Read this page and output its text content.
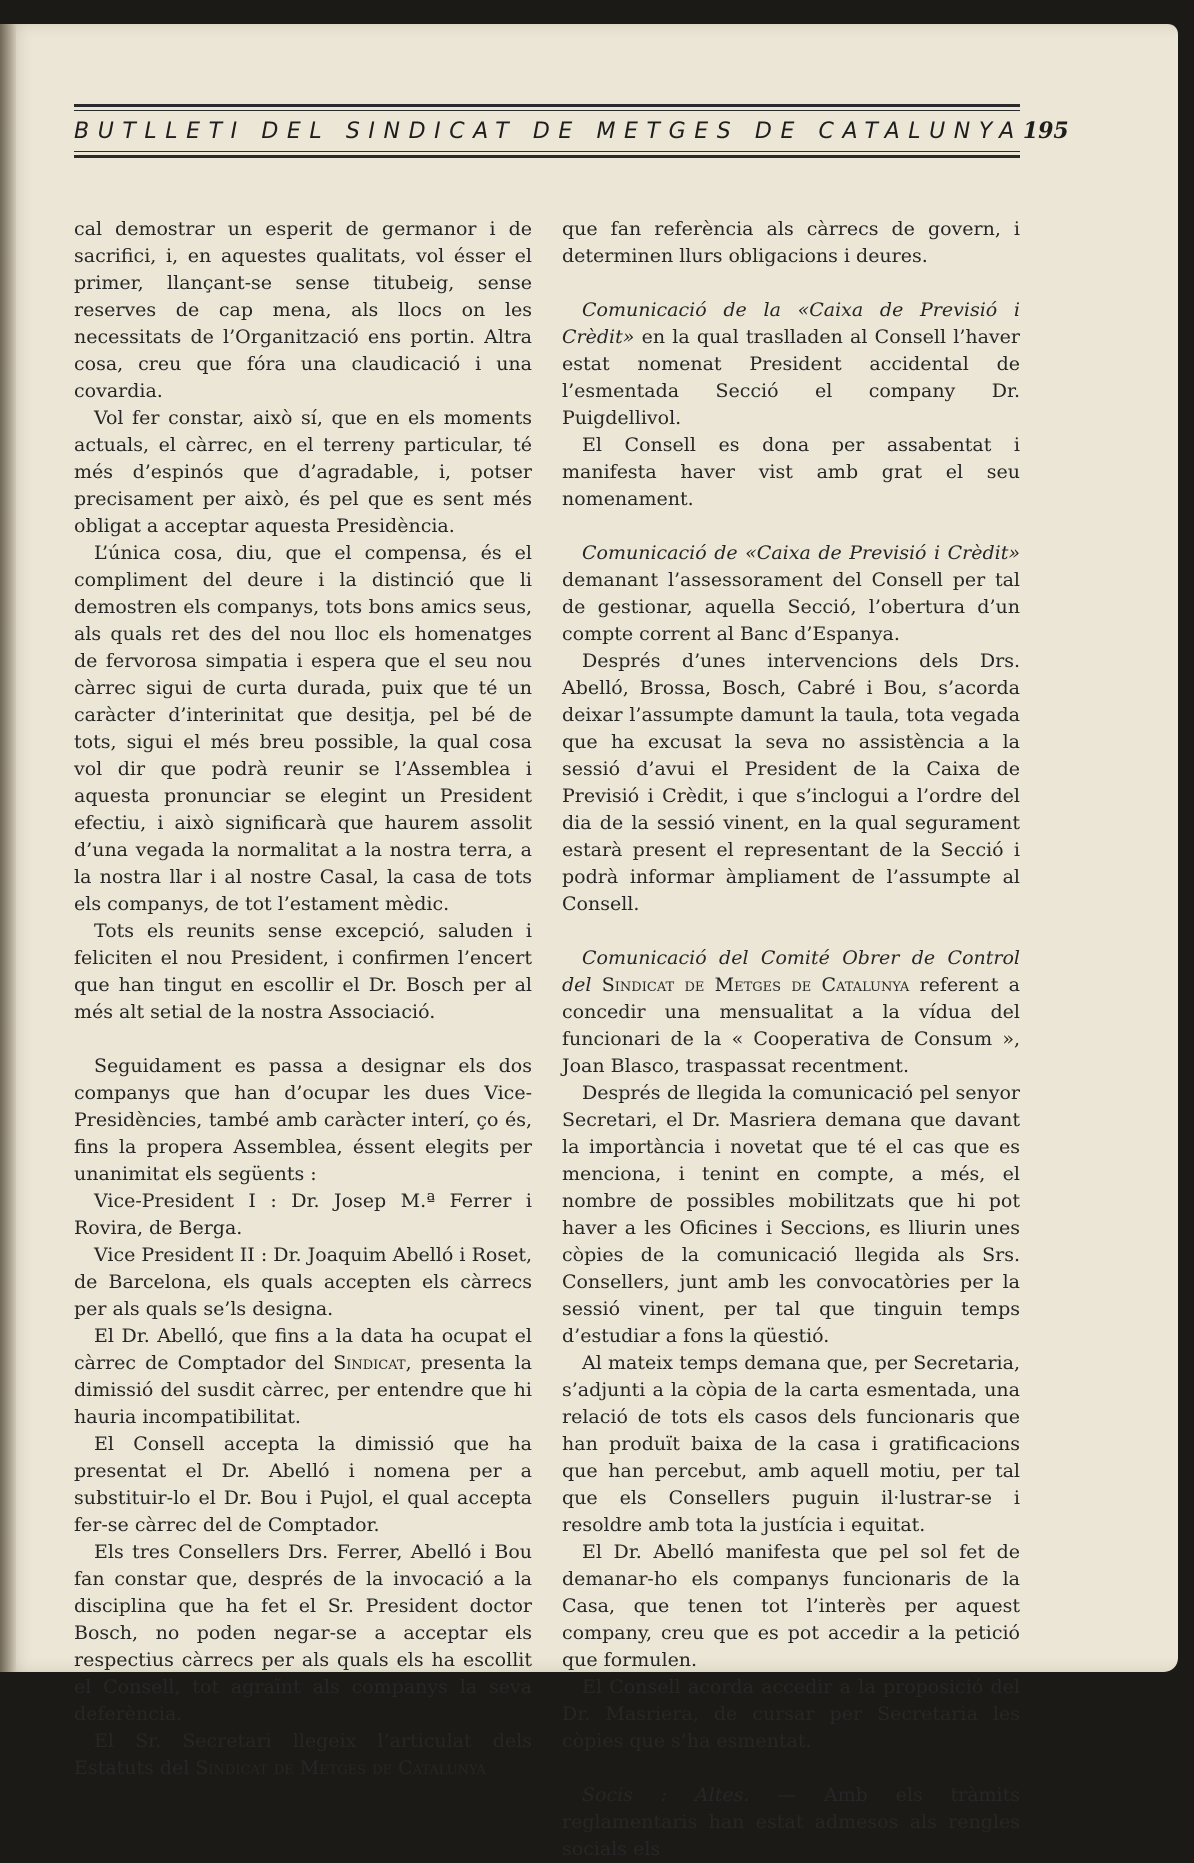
BUTLLETI DEL SINDICAT DE METGES DE CATALUNYA 195

cal demostrar un esperit de germanor i de sacrifici, i, en aquestes qualitats, vol ésser el primer, llançant-se sense titubeig, sense reserves de cap mena, als llocs on les necessitats de l’Organització ens portin. Altra cosa, creu que fóra una claudicació i una covardia.

Vol fer constar, això sí, que en els moments actuals, el càrrec, en el terreny particular, té més d’espinós que d’agradable, i, potser precisament per això, és pel que es sent més obligat a acceptar aquesta Presidència.

L’única cosa, diu, que el compensa, és el compliment del deure i la distinció que li demostren els companys, tots bons amics seus, als quals ret des del nou lloc els homenatges de fervorosa simpatia i espera que el seu nou càrrec sigui de curta durada, puix que té un caràcter d’interinitat que desitja, pel bé de tots, sigui el més breu possible, la qual cosa vol dir que podrà reunir se l’Assemblea i aquesta pronunciar se elegint un President efectiu, i això significarà que haurem assolit d’una vegada la normalitat a la nostra terra, a la nostra llar i al nostre Casal, la casa de tots els companys, de tot l’estament mèdic.

Tots els reunits sense excepció, saluden i feliciten el nou President, i confirmen l’encert que han tingut en escollir el Dr. Bosch per al més alt setial de la nostra Associació.

Seguidament es passa a designar els dos companys que han d’ocupar les dues Vice-Presidències, també amb caràcter interí, ço és, fins la propera Assemblea, éssent elegits per unanimitat els següents :

Vice-President I : Dr. Josep M.ª Ferrer i Rovira, de Berga.

Vice President II : Dr. Joaquim Abelló i Roset, de Barcelona, els quals accepten els càrrecs per als quals se’ls designa.

El Dr. Abelló, que fins a la data ha ocupat el càrrec de Comptador del Sindicat, presenta la dimissió del susdit càrrec, per entendre que hi hauria incompatibilitat.

El Consell accepta la dimissió que ha presentat el Dr. Abelló i nomena per a substituir-lo el Dr. Bou i Pujol, el qual accepta fer-se càrrec del de Comptador.

Els tres Consellers Drs. Ferrer, Abelló i Bou fan constar que, després de la invocació a la disciplina que ha fet el Sr. President doctor Bosch, no poden negar-se a acceptar els respectius càrrecs per als quals els ha escollit el Consell, tot agraïnt als companys la seva deferència.

El Sr. Secretari llegeix l’articulat dels Estatuts del Sindicat de Metges de Catalunya

que fan referència als càrrecs de govern, i determinen llurs obligacions i deures.

Comunicació de la «Caixa de Previsió i Crèdit» en la qual traslladen al Consell l’haver estat nomenat President accidental de l’esmentada Secció el company Dr. Puigdellivol.

El Consell es dona per assabentat i manifesta haver vist amb grat el seu nomenament.

Comunicació de «Caixa de Previsió i Crèdit» demanant l’assessorament del Consell per tal de gestionar, aquella Secció, l’obertura d’un compte corrent al Banc d’Espanya.

Després d’unes intervencions dels Drs. Abelló, Brossa, Bosch, Cabré i Bou, s’acorda deixar l’assumpte damunt la taula, tota vegada que ha excusat la seva no assistència a la sessió d’avui el President de la Caixa de Previsió i Crèdit, i que s’inclogui a l’ordre del dia de la sessió vinent, en la qual segurament estarà present el representant de la Secció i podrà informar àmpliament de l’assumpte al Consell.

Comunicació del Comité Obrer de Control del Sindicat de Metges de Catalunya referent a concedir una mensualitat a la vídua del funcionari de la « Cooperativa de Consum », Joan Blasco, traspassat recentment.

Després de llegida la comunicació pel senyor Secretari, el Dr. Masriera demana que davant la importància i novetat que té el cas que es menciona, i tenint en compte, a més, el nombre de possibles mobilitzats que hi pot haver a les Oficines i Seccions, es lliurin unes còpies de la comunicació llegida als Srs. Consellers, junt amb les convocatòries per la sessió vinent, per tal que tinguin temps d’estudiar a fons la qüestió.

Al mateix temps demana que, per Secretaria, s’adjunti a la còpia de la carta esmentada, una relació de tots els casos dels funcionaris que han produït baixa de la casa i gratificacions que han percebut, amb aquell motiu, per tal que els Consellers puguin il·lustrar-se i resoldre amb tota la justícia i equitat.

El Dr. Abelló manifesta que pel sol fet de demanar-ho els companys funcionaris de la Casa, que tenen tot l’interès per aquest company, creu que es pot accedir a la petició que formulen.

El Consell acorda accedir a la proposició del Dr. Masriera, de cursar per Secretaria les còpies que s’ha esmentat.

Socis : Altes. — Amb els tràmits reglamentaris han estat admesos als rengles socials els
